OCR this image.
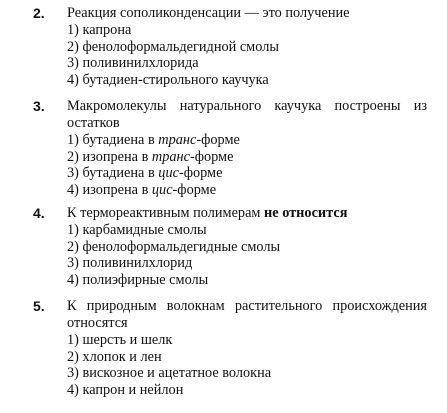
2. Реакция сополиконденсации — это получение
1) капрона
2) фенолоформальдегидной смолы
3) поливинилхлорида
4) бутадиен-стирольного каучука
3. Макромолекулы натурального каучука построены из остатков
1) бутадиена в транс-форме
2) изопрена в транс-форме
3) бутадиена в цис-форме
4) изопрена в цис-форме
4. К термореактивным полимерам не относится
1) карбамидные смолы
2) фенолоформальдегидные смолы
3) поливинилхлорид
4) полиэфирные смолы
5. К природным волокнам растительного происхождения относятся
1) шерсть и шелк
2) хлопок и лен
3) вискозное и ацетатное волокна
4) капрон и нейлон
